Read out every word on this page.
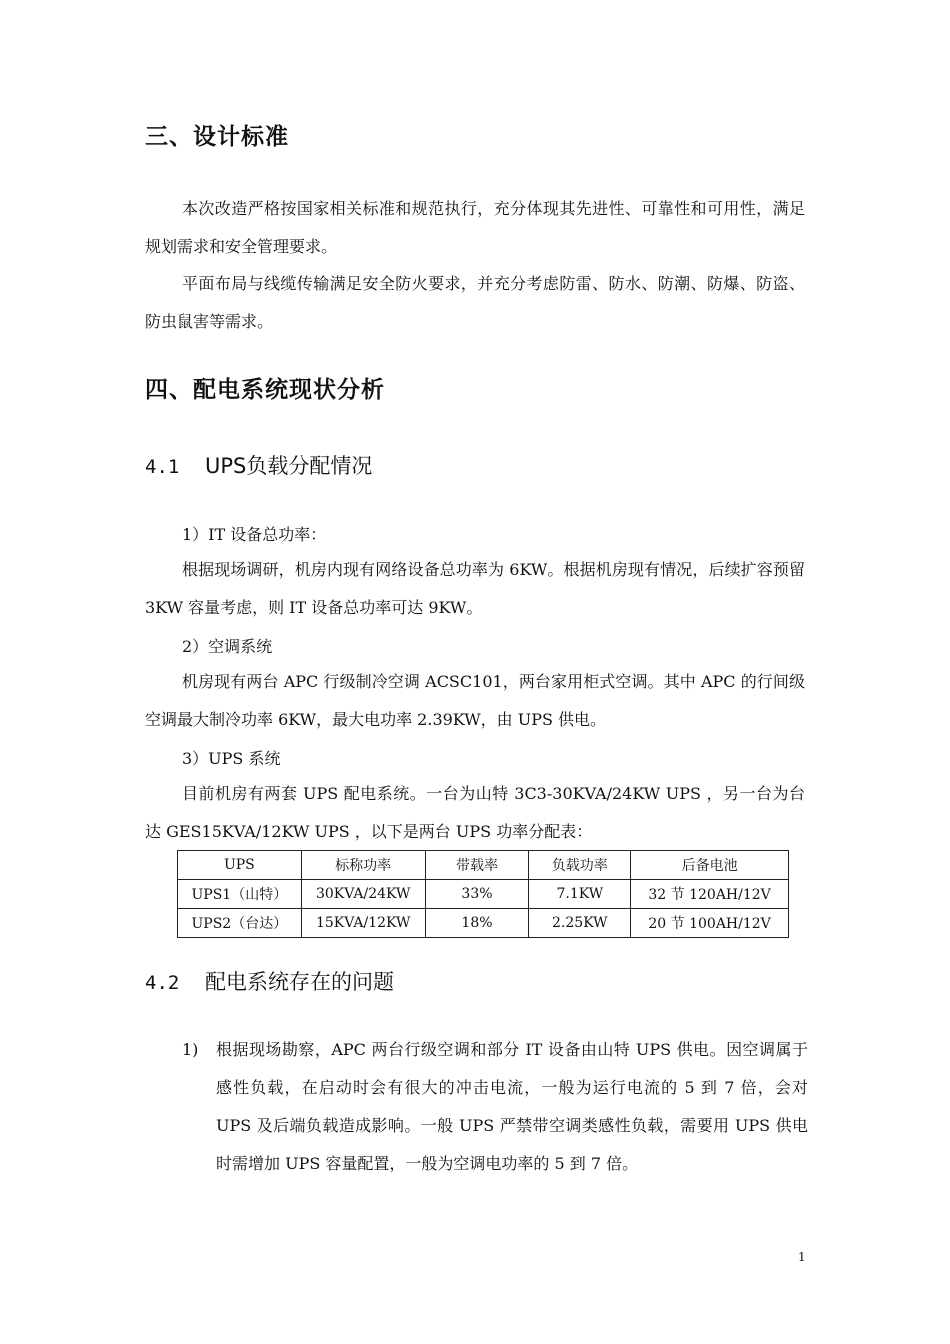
三、设计标准

本次改造严格按国家相关标准和规范执行，充分体现其先进性、可靠性和可用性，满足规划需求和安全管理要求。

平面布局与线缆传输满足安全防火要求，并充分考虑防雷、防水、防潮、防爆、防盗、防虫鼠害等需求。

四、配电系统现状分析
4.1 UPS负载分配情况

1）IT 设备总功率：

根据现场调研，机房内现有网络设备总功率为 6KW。根据机房现有情况，后续扩容预留 3KW 容量考虑，则 IT 设备总功率可达 9KW。

2）空调系统

机房现有两台 APC 行级制冷空调 ACSC101，两台家用柜式空调。其中 APC 的行间级空调最大制冷功率 6KW，最大电功率 2.39KW，由 UPS 供电。

3）UPS 系统

目前机房有两套 UPS 配电系统。一台为山特 3C3-30KVA/24KW UPS ，另一台为台达 GES15KVA/12KW UPS ，以下是两台 UPS 功率分配表：

UPS	标称功率	带载率	负载功率	后备电池
UPS1（山特）	30KVA/24KW	33%	7.1KW	32 节 120AH/12V
UPS2（台达）	15KVA/12KW	18%	2.25KW	20 节 100AH/12V
4.2 配电系统存在的问题
1) 根据现场勘察，APC 两台行级空调和部分 IT 设备由山特 UPS 供电。因空调属于感性负载，在启动时会有很大的冲击电流，一般为运行电流的 5 到 7 倍，会对 UPS 及后端负载造成影响。一般 UPS 严禁带空调类感性负载，需要用 UPS 供电时需增加 UPS 容量配置，一般为空调电功率的 5 到 7 倍。
1
